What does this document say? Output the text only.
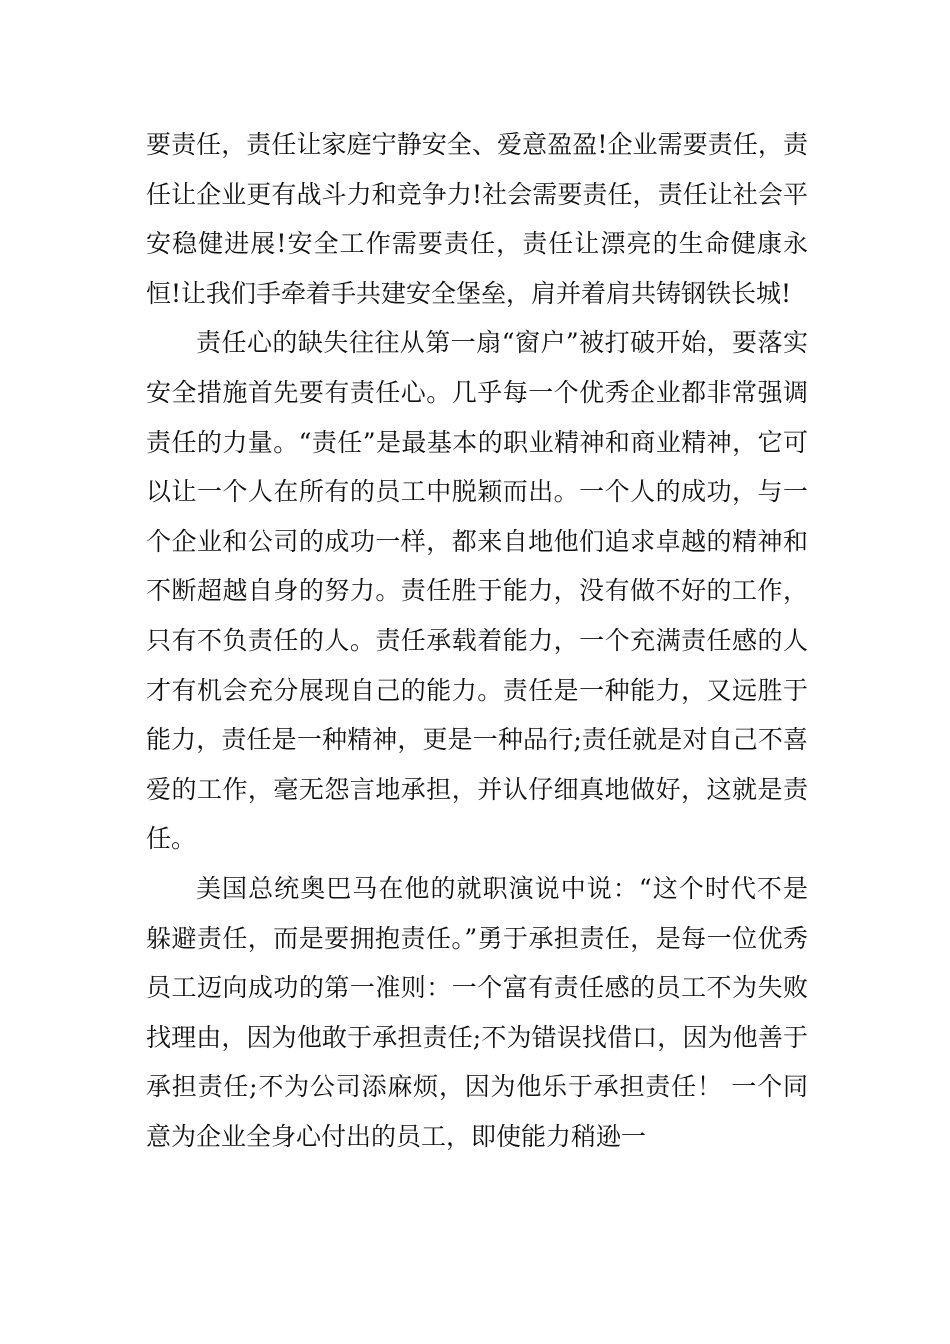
要责任，责任让家庭宁静安全、爱意盈盈!企业需要责任，责任让企业更有战斗力和竞争力!社会需要责任，责任让社会平安稳健进展!安全工作需要责任，责任让漂亮的生命健康永恒!让我们手牵着手共建安全堡垒，肩并着肩共铸钢铁长城!

责任心的缺失往往从第一扇“窗户”被打破开始，要落实安全措施首先要有责任心。几乎每一个优秀企业都非常强调责任的力量。“责任”是最基本的职业精神和商业精神，它可以让一个人在所有的员工中脱颖而出。一个人的成功，与一个企业和公司的成功一样，都来自地他们追求卓越的精神和不断超越自身的努力。责任胜于能力，没有做不好的工作，只有不负责任的人。责任承载着能力，一个充满责任感的人才有机会充分展现自己的能力。责任是一种能力，又远胜于能力，责任是一种精神，更是一种品行;责任就是对自己不喜爱的工作，毫无怨言地承担，并认仔细真地做好，这就是责任。

美国总统奥巴马在他的就职演说中说：“这个时代不是躲避责任，而是要拥抱责任。”勇于承担责任，是每一位优秀员工迈向成功的第一准则：一个富有责任感的员工不为失败找理由，因为他敢于承担责任;不为错误找借口，因为他善于承担责任;不为公司添麻烦，因为他乐于承担责任！ 一个同意为企业全身心付出的员工，即使能力稍逊一
